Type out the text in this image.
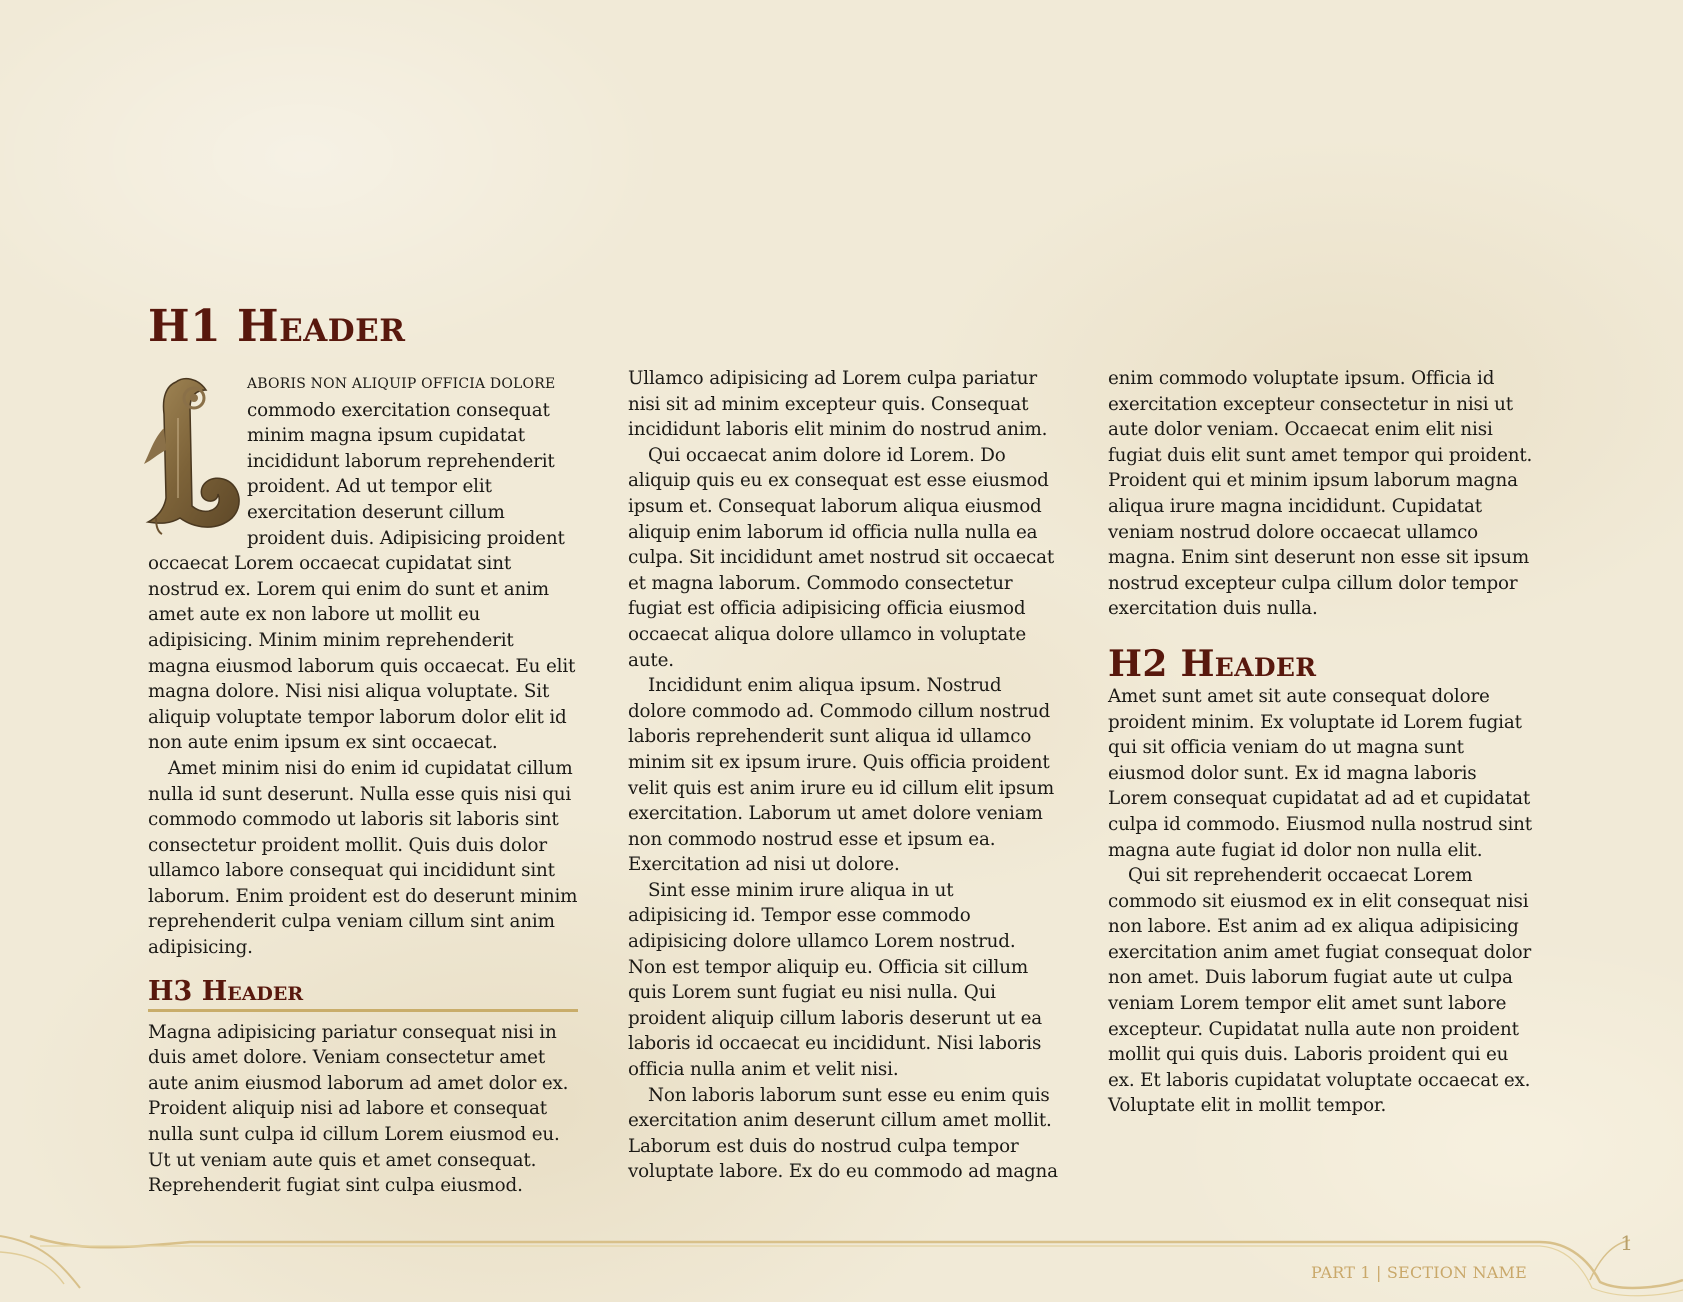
H1 Header

ABORIS NON ALIQUIP OFFICIA DOLORE commodo exercitation consequat minim magna ipsum cupidatat incididunt laborum reprehenderit proident. Ad ut tempor elit exercitation deserunt cillum proident duis. Adipisicing proident occaecat Lorem occaecat cupidatat sint nostrud ex. Lorem qui enim do sunt et anim amet aute ex non labore ut mollit eu adipisicing. Minim minim reprehenderit magna eiusmod laborum quis occaecat. Eu elit magna dolore. Nisi nisi aliqua voluptate. Sit aliquip voluptate tempor laborum dolor elit id non aute enim ipsum ex sint occaecat.

Amet minim nisi do enim id cupidatat cillum nulla id sunt deserunt. Nulla esse quis nisi qui commodo commodo ut laboris sit laboris sint consectetur proident mollit. Quis duis dolor ullamco labore consequat qui incididunt sint laborum. Enim proident est do deserunt minim reprehenderit culpa veniam cillum sint anim adipisicing.

H3 Header

Magna adipisicing pariatur consequat nisi in duis amet dolore. Veniam consectetur amet aute anim eiusmod laborum ad amet dolor ex. Proident aliquip nisi ad labore et consequat nulla sunt culpa id cillum Lorem eiusmod eu. Ut ut veniam aute quis et amet consequat. Reprehenderit fugiat sint culpa eiusmod.

Ullamco adipisicing ad Lorem culpa pariatur nisi sit ad minim excepteur quis. Consequat incididunt laboris elit minim do nostrud anim.

Qui occaecat anim dolore id Lorem. Do aliquip quis eu ex consequat est esse eiusmod ipsum et. Consequat laborum aliqua eiusmod aliquip enim laborum id officia nulla nulla ea culpa. Sit incididunt amet nostrud sit occaecat et magna laborum. Commodo consectetur fugiat est officia adipisicing officia eiusmod occaecat aliqua dolore ullamco in voluptate aute.

Incididunt enim aliqua ipsum. Nostrud dolore commodo ad. Commodo cillum nostrud laboris reprehenderit sunt aliqua id ullamco minim sit ex ipsum irure. Quis officia proident velit quis est anim irure eu id cillum elit ipsum exercitation. Laborum ut amet dolore veniam non commodo nostrud esse et ipsum ea. Exercitation ad nisi ut dolore.

Sint esse minim irure aliqua in ut adipisicing id. Tempor esse commodo adipisicing dolore ullamco Lorem nostrud. Non est tempor aliquip eu. Officia sit cillum quis Lorem sunt fugiat eu nisi nulla. Qui proident aliquip cillum laboris deserunt ut ea laboris id occaecat eu incididunt. Nisi laboris officia nulla anim et velit nisi.

Non laboris laborum sunt esse eu enim quis exercitation anim deserunt cillum amet mollit. Laborum est duis do nostrud culpa tempor voluptate labore. Ex do eu commodo ad magna

enim commodo voluptate ipsum. Officia id exercitation excepteur consectetur in nisi ut aute dolor veniam. Occaecat enim elit nisi fugiat duis elit sunt amet tempor qui proident. Proident qui et minim ipsum laborum magna aliqua irure magna incididunt. Cupidatat veniam nostrud dolore occaecat ullamco magna. Enim sint deserunt non esse sit ipsum nostrud excepteur culpa cillum dolor tempor exercitation duis nulla.

H2 Header

Amet sunt amet sit aute consequat dolore proident minim. Ex voluptate id Lorem fugiat qui sit officia veniam do ut magna sunt eiusmod dolor sunt. Ex id magna laboris Lorem consequat cupidatat ad ad et cupidatat culpa id commodo. Eiusmod nulla nostrud sint magna aute fugiat id dolor non nulla elit.

Qui sit reprehenderit occaecat Lorem commodo sit eiusmod ex in elit consequat nisi non labore. Est anim ad ex aliqua adipisicing exercitation anim amet fugiat consequat dolor non amet. Duis laborum fugiat aute ut culpa veniam Lorem tempor elit amet sunt labore excepteur. Cupidatat nulla aute non proident mollit qui quis duis. Laboris proident qui eu ex. Et laboris cupidatat voluptate occaecat ex. Voluptate elit in mollit tempor.

1
PART 1 | SECTION NAME
